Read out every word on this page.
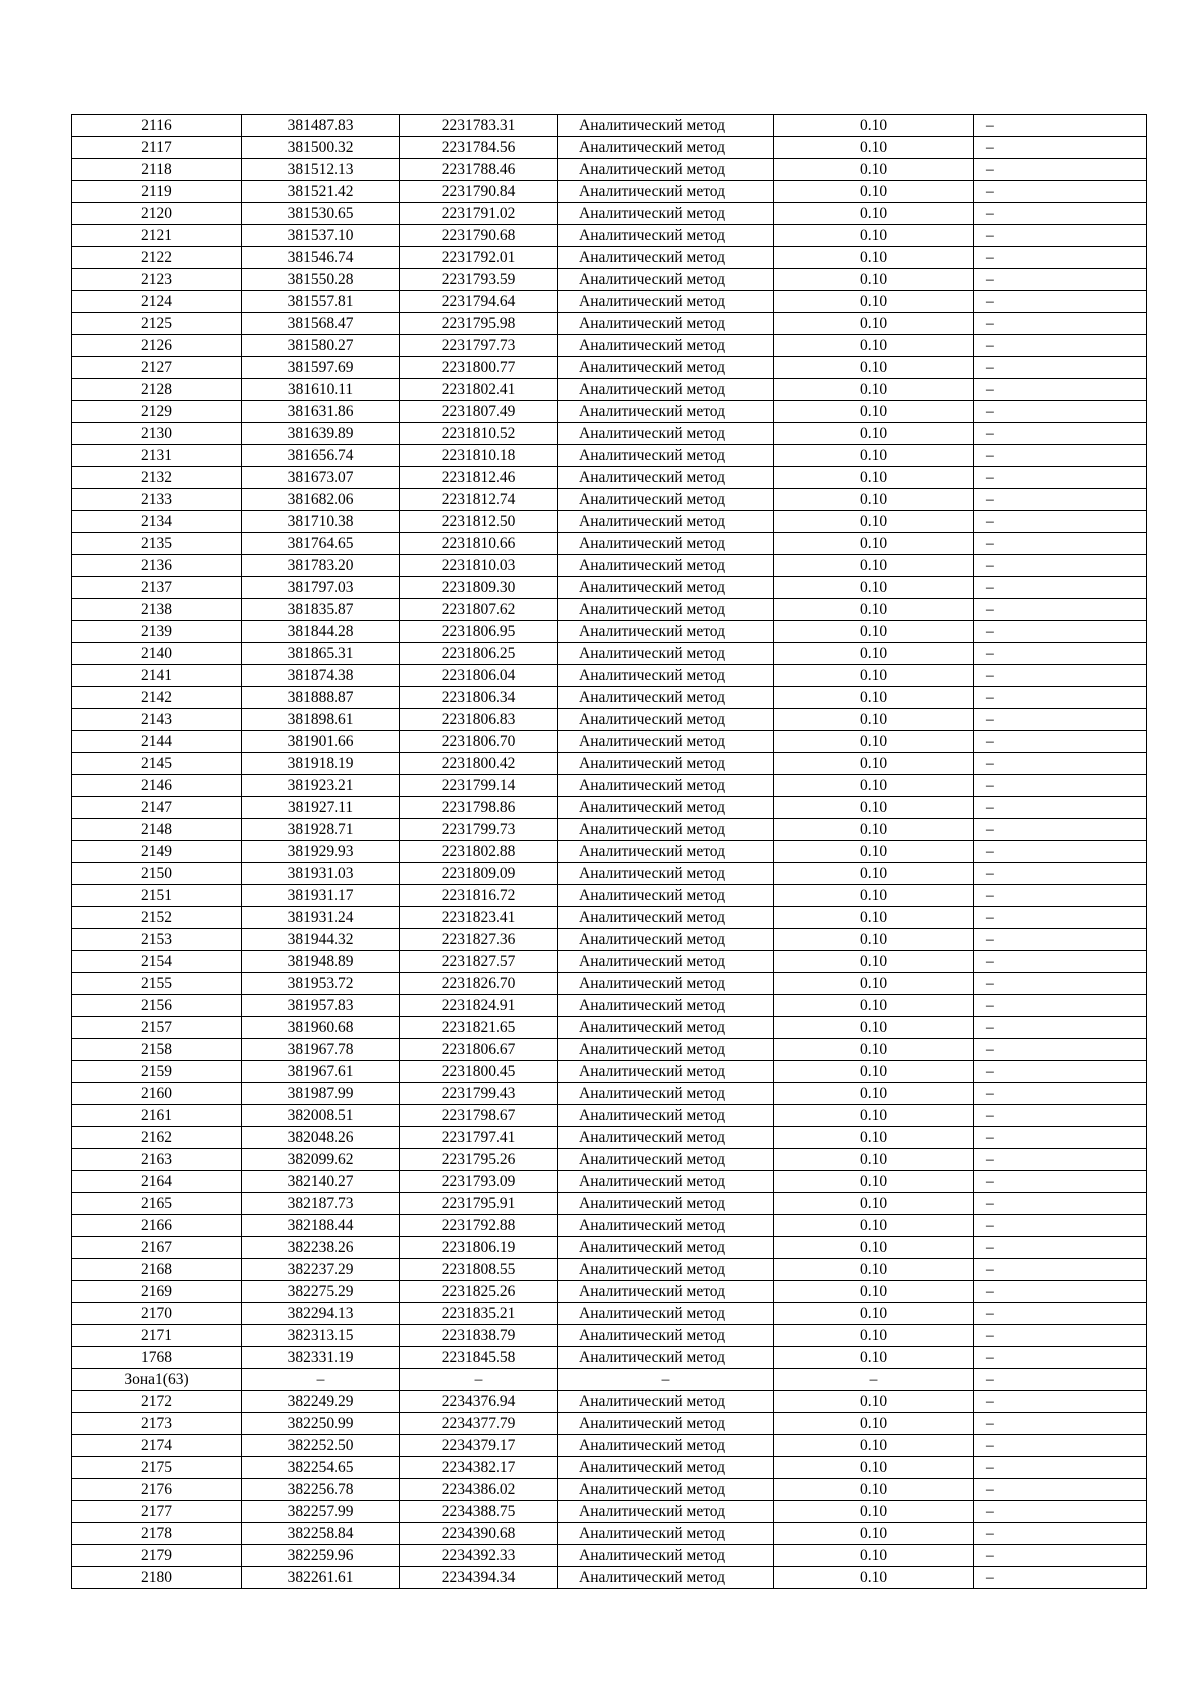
2116	381487.83	2231783.31	Аналитический метод	0.10	–
2117	381500.32	2231784.56	Аналитический метод	0.10	–
2118	381512.13	2231788.46	Аналитический метод	0.10	–
2119	381521.42	2231790.84	Аналитический метод	0.10	–
2120	381530.65	2231791.02	Аналитический метод	0.10	–
2121	381537.10	2231790.68	Аналитический метод	0.10	–
2122	381546.74	2231792.01	Аналитический метод	0.10	–
2123	381550.28	2231793.59	Аналитический метод	0.10	–
2124	381557.81	2231794.64	Аналитический метод	0.10	–
2125	381568.47	2231795.98	Аналитический метод	0.10	–
2126	381580.27	2231797.73	Аналитический метод	0.10	–
2127	381597.69	2231800.77	Аналитический метод	0.10	–
2128	381610.11	2231802.41	Аналитический метод	0.10	–
2129	381631.86	2231807.49	Аналитический метод	0.10	–
2130	381639.89	2231810.52	Аналитический метод	0.10	–
2131	381656.74	2231810.18	Аналитический метод	0.10	–
2132	381673.07	2231812.46	Аналитический метод	0.10	–
2133	381682.06	2231812.74	Аналитический метод	0.10	–
2134	381710.38	2231812.50	Аналитический метод	0.10	–
2135	381764.65	2231810.66	Аналитический метод	0.10	–
2136	381783.20	2231810.03	Аналитический метод	0.10	–
2137	381797.03	2231809.30	Аналитический метод	0.10	–
2138	381835.87	2231807.62	Аналитический метод	0.10	–
2139	381844.28	2231806.95	Аналитический метод	0.10	–
2140	381865.31	2231806.25	Аналитический метод	0.10	–
2141	381874.38	2231806.04	Аналитический метод	0.10	–
2142	381888.87	2231806.34	Аналитический метод	0.10	–
2143	381898.61	2231806.83	Аналитический метод	0.10	–
2144	381901.66	2231806.70	Аналитический метод	0.10	–
2145	381918.19	2231800.42	Аналитический метод	0.10	–
2146	381923.21	2231799.14	Аналитический метод	0.10	–
2147	381927.11	2231798.86	Аналитический метод	0.10	–
2148	381928.71	2231799.73	Аналитический метод	0.10	–
2149	381929.93	2231802.88	Аналитический метод	0.10	–
2150	381931.03	2231809.09	Аналитический метод	0.10	–
2151	381931.17	2231816.72	Аналитический метод	0.10	–
2152	381931.24	2231823.41	Аналитический метод	0.10	–
2153	381944.32	2231827.36	Аналитический метод	0.10	–
2154	381948.89	2231827.57	Аналитический метод	0.10	–
2155	381953.72	2231826.70	Аналитический метод	0.10	–
2156	381957.83	2231824.91	Аналитический метод	0.10	–
2157	381960.68	2231821.65	Аналитический метод	0.10	–
2158	381967.78	2231806.67	Аналитический метод	0.10	–
2159	381967.61	2231800.45	Аналитический метод	0.10	–
2160	381987.99	2231799.43	Аналитический метод	0.10	–
2161	382008.51	2231798.67	Аналитический метод	0.10	–
2162	382048.26	2231797.41	Аналитический метод	0.10	–
2163	382099.62	2231795.26	Аналитический метод	0.10	–
2164	382140.27	2231793.09	Аналитический метод	0.10	–
2165	382187.73	2231795.91	Аналитический метод	0.10	–
2166	382188.44	2231792.88	Аналитический метод	0.10	–
2167	382238.26	2231806.19	Аналитический метод	0.10	–
2168	382237.29	2231808.55	Аналитический метод	0.10	–
2169	382275.29	2231825.26	Аналитический метод	0.10	–
2170	382294.13	2231835.21	Аналитический метод	0.10	–
2171	382313.15	2231838.79	Аналитический метод	0.10	–
1768	382331.19	2231845.58	Аналитический метод	0.10	–
Зона1(63)	–	–	–	–	–
2172	382249.29	2234376.94	Аналитический метод	0.10	–
2173	382250.99	2234377.79	Аналитический метод	0.10	–
2174	382252.50	2234379.17	Аналитический метод	0.10	–
2175	382254.65	2234382.17	Аналитический метод	0.10	–
2176	382256.78	2234386.02	Аналитический метод	0.10	–
2177	382257.99	2234388.75	Аналитический метод	0.10	–
2178	382258.84	2234390.68	Аналитический метод	0.10	–
2179	382259.96	2234392.33	Аналитический метод	0.10	–
2180	382261.61	2234394.34	Аналитический метод	0.10	–
